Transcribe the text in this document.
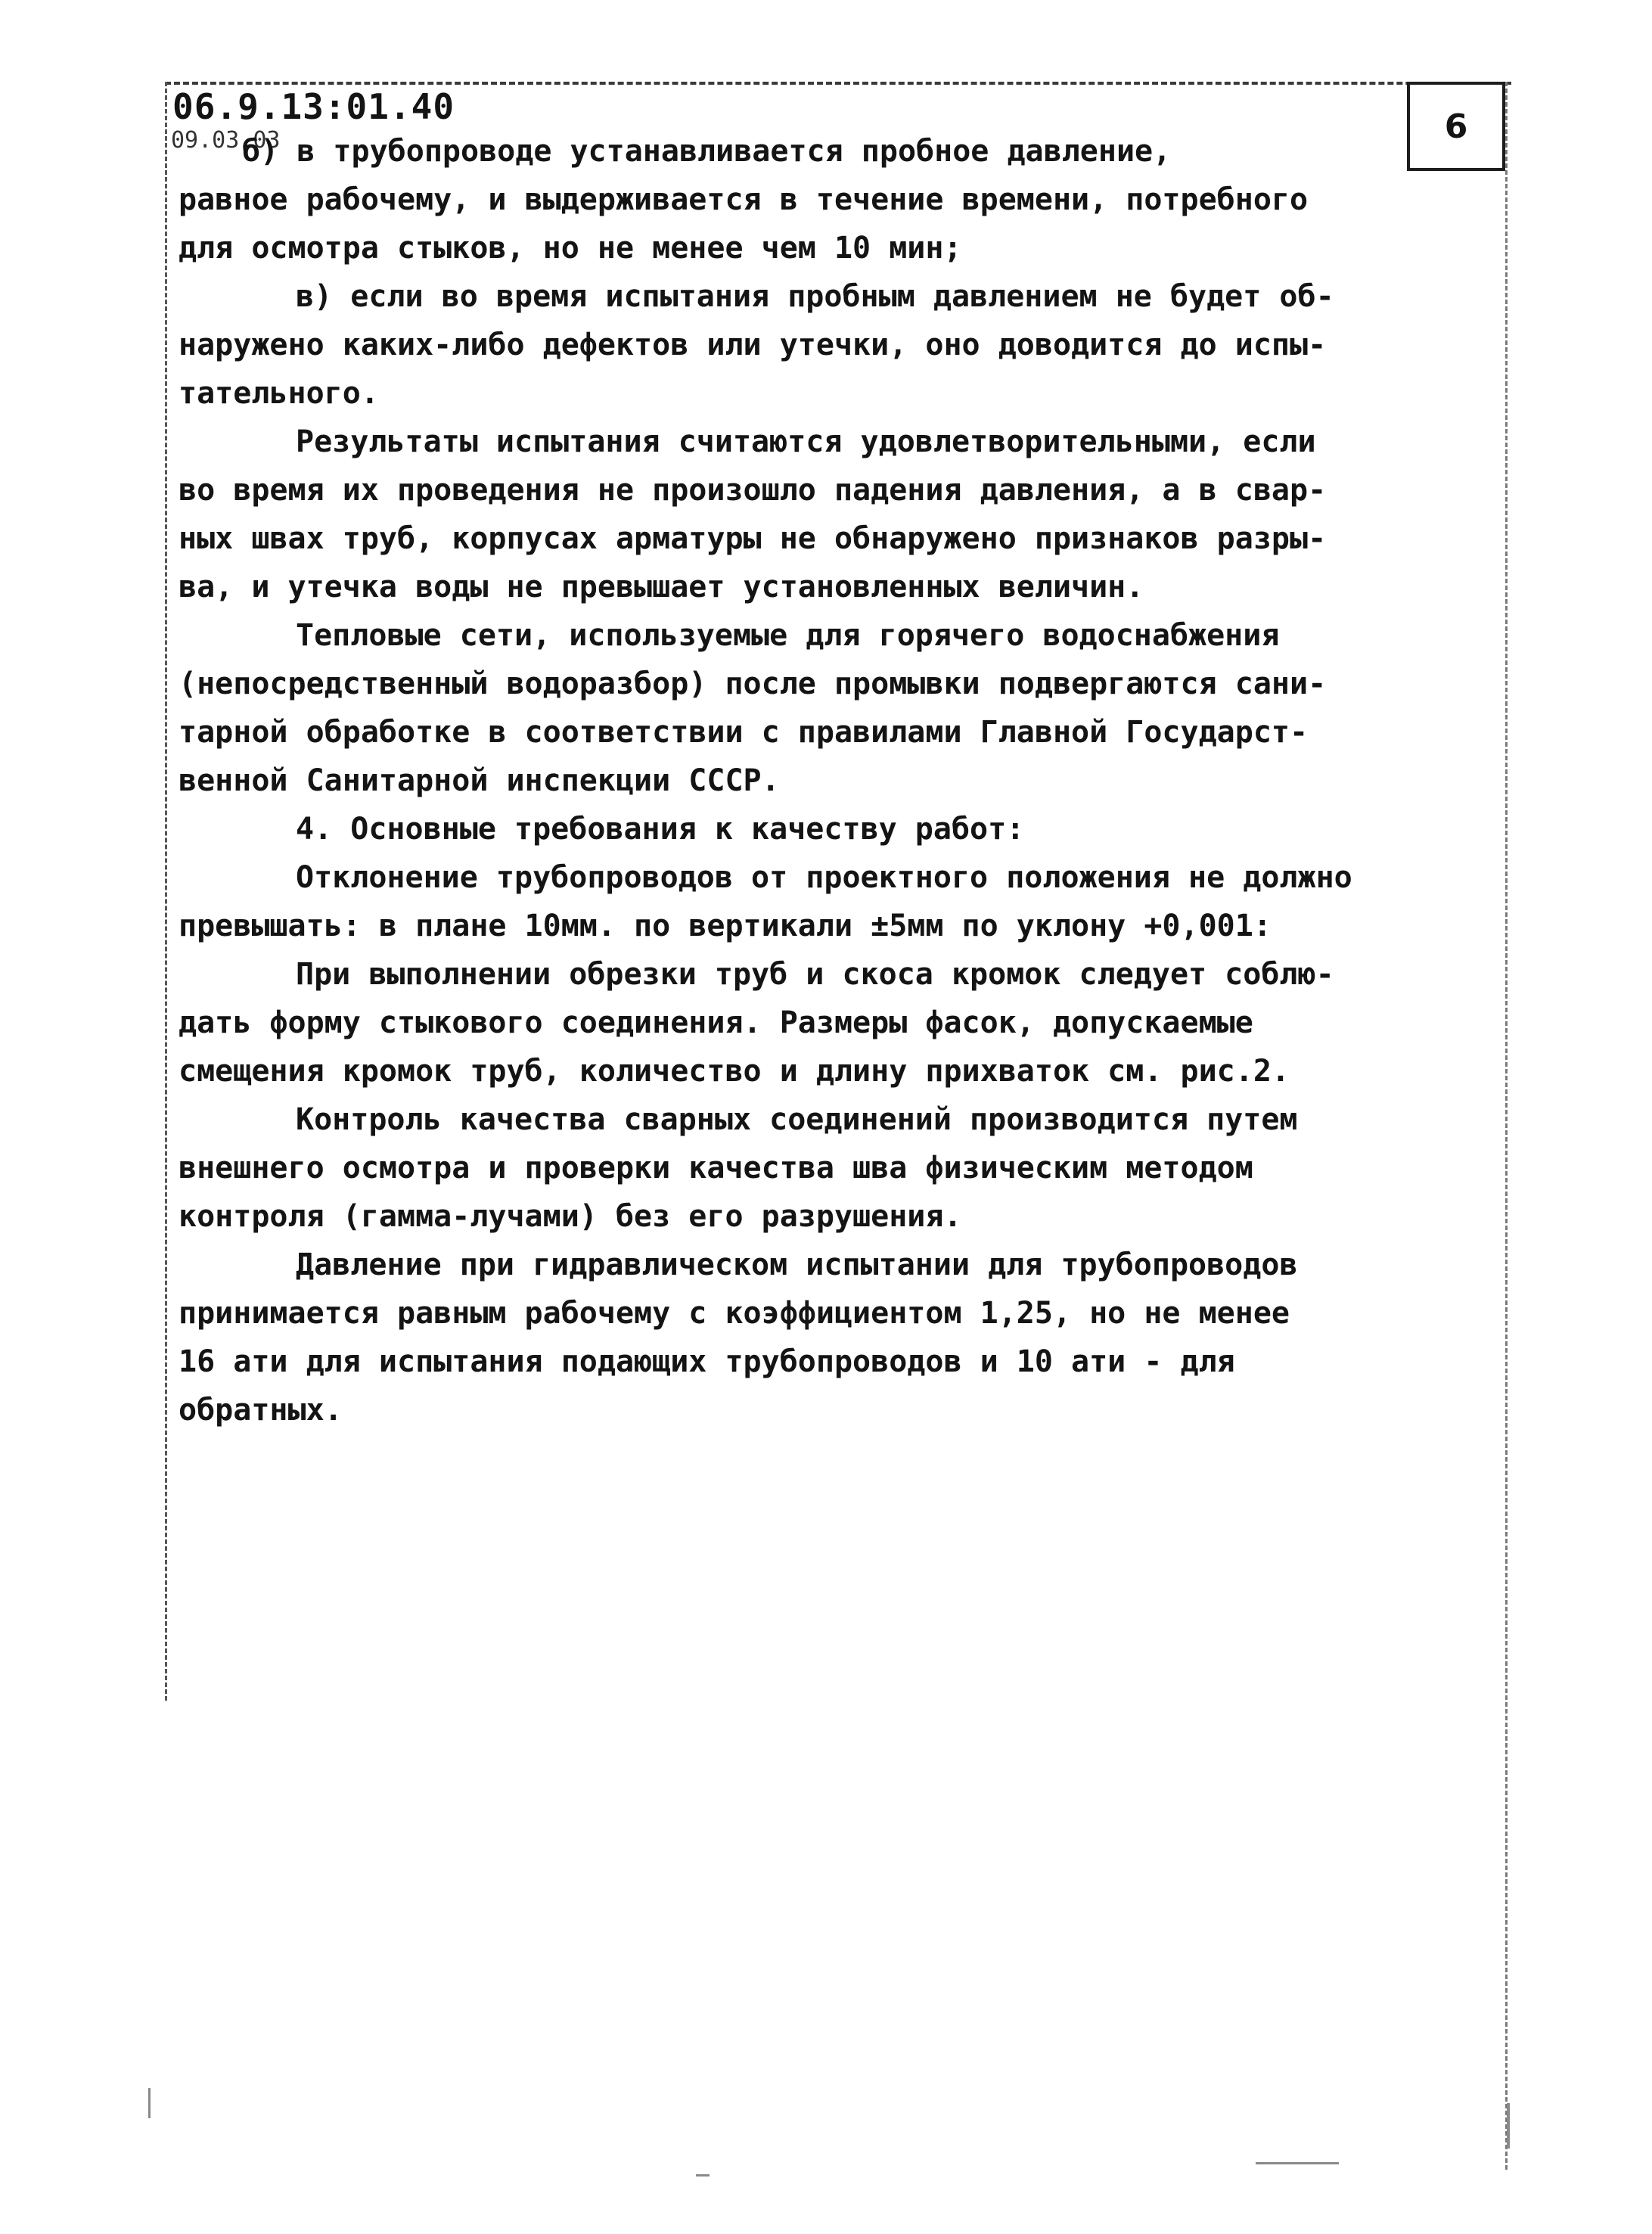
6
06.9.13:01.40
09.03.03
б) в трубопроводе устанавливается пробное давление,
равное рабочему, и выдерживается в течение времени, потребного
для осмотра стыков, но не менее чем 10 мин;
в) если во время испытания пробным давлением не будет об-
наружено каких-либо дефектов или утечки, оно доводится до испы-
тательного.
Результаты испытания считаются удовлетворительными, если
во время их проведения не произошло падения давления, а в свар-
ных швах труб, корпусах арматуры не обнаружено признаков разры-
ва, и утечка воды не превышает установленных величин.
Тепловые сети, используемые для горячего водоснабжения
(непосредственный водоразбор) после промывки подвергаются сани-
тарной обработке в соответствии с правилами Главной Государст-
венной Санитарной инспекции СССР.
4. Основные требования к качеству работ:
Отклонение трубопроводов от проектного положения не должно
превышать: в плане 10мм. по вертикали ±5мм по уклону +0,001:
При выполнении обрезки труб и скоса кромок следует соблю-
дать форму стыкового соединения. Размеры фасок, допускаемые
смещения кромок труб, количество и длину прихваток см. рис.2.
Контроль качества сварных соединений производится путем
внешнего осмотра и проверки качества шва физическим методом
контроля (гамма-лучами) без его разрушения.
Давление при гидравлическом испытании для трубопроводов
принимается равным рабочему с коэффициентом 1,25, но не менее
16 ати для испытания подающих трубопроводов и 10 ати - для
обратных.
